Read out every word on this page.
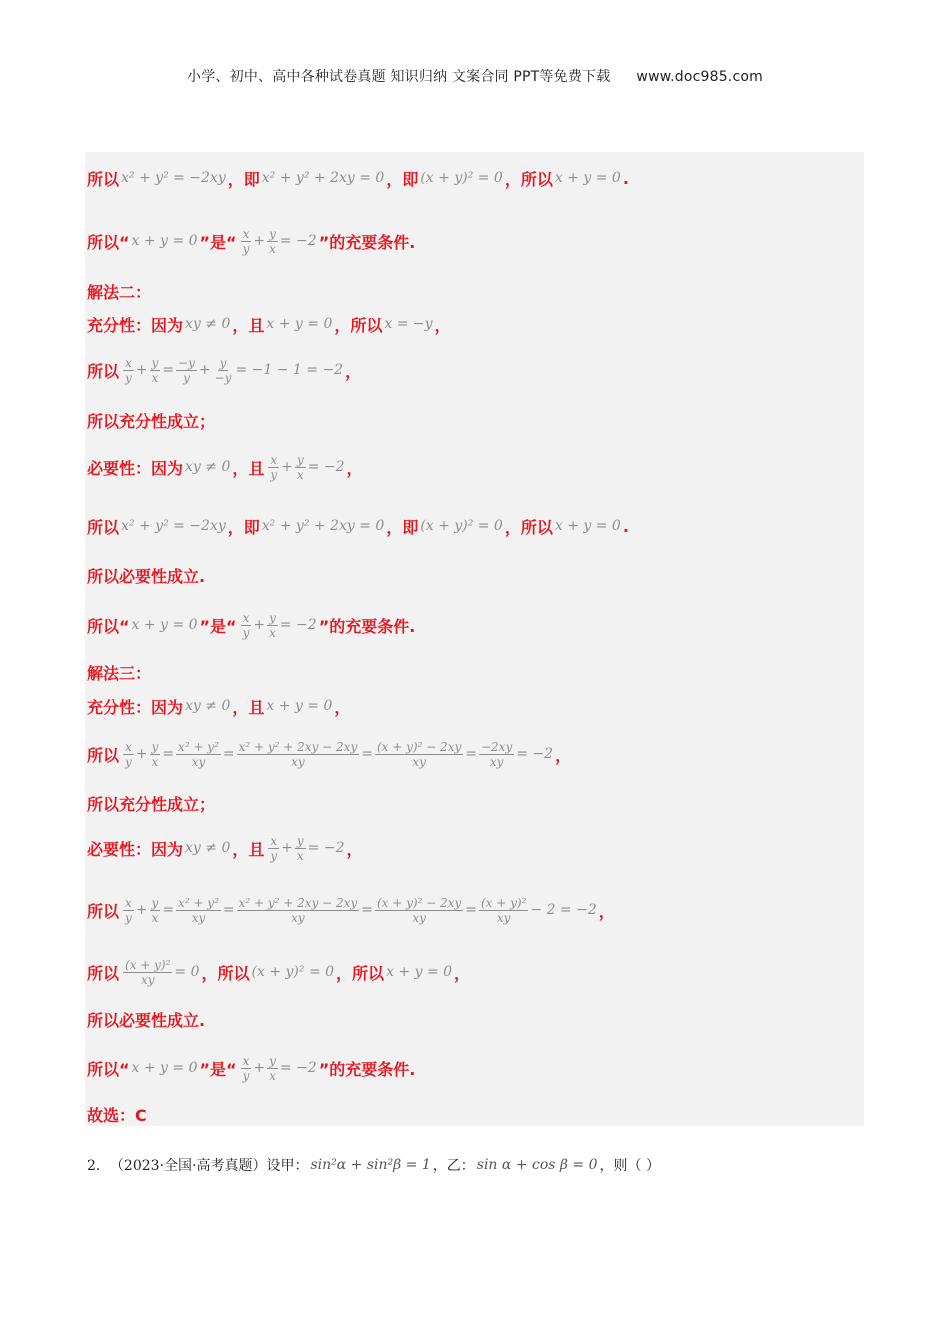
小学、初中、高中各种试卷真题 知识归纳 文案合同 PPT等免费下载 www.doc985.com
所以 x² + y² = −2xy ，即 x² + y² + 2xy = 0 ，即 (x + y)² = 0 ，所以 x + y = 0 .
所以“ x + y = 0 ”是“ $\frac{x}{y} + \frac{y}{x} = -2$ ”的充要条件.
解法二：
充分性：因为 xy ≠ 0 ，且 x + y = 0 ，所以 x = −y ，
所以 $\frac{x}{y} + \frac{y}{x} = \frac{-y}{y} + \frac{y}{-y} = -1 - 1 = -2$ ，
所以充分性成立；
必要性：因为 xy ≠ 0 ，且 $\frac{x}{y} + \frac{y}{x} = -2$ ，
所以 x² + y² = −2xy ，即 x² + y² + 2xy = 0 ，即 (x + y)² = 0 ，所以 x + y = 0 .
所以必要性成立.
所以“ x + y = 0 ”是“ $\frac{x}{y} + \frac{y}{x} = -2$ ”的充要条件.
解法三：
充分性：因为 xy ≠ 0 ，且 x + y = 0 ，
所以 $\frac{x}{y} + \frac{y}{x} = \frac{\text{x² + y²}}{xy} = \frac{\text{x² + y² + 2xy − 2xy}}{xy} = \frac{\text{(x + y)² − 2xy}}{xy} = \frac{-2xy}{xy} = -2$ ，
所以充分性成立；
必要性：因为 xy ≠ 0 ，且 $\frac{x}{y} + \frac{y}{x} = -2$ ，
所以 $\frac{x}{y} + \frac{y}{x} = \frac{\text{x² + y²}}{xy} = \frac{\text{x² + y² + 2xy − 2xy}}{xy} = \frac{\text{(x + y)² − 2xy}}{xy} = \frac{\text{(x + y)²}}{xy} - 2 = -2$ ，
所以 $\frac{\text{(x + y)²}}{xy} = 0$ ，所以 (x + y)² = 0 ，所以 x + y = 0 ，
所以必要性成立.
所以“ x + y = 0 ”是“ $\frac{x}{y} + \frac{y}{x} = -2$ ”的充要条件.
故选：C
2． （2023·全国·高考真题）设甲： sin²α + sin²β = 1 ，乙： sin α + cos β = 0 ，则（ ）
